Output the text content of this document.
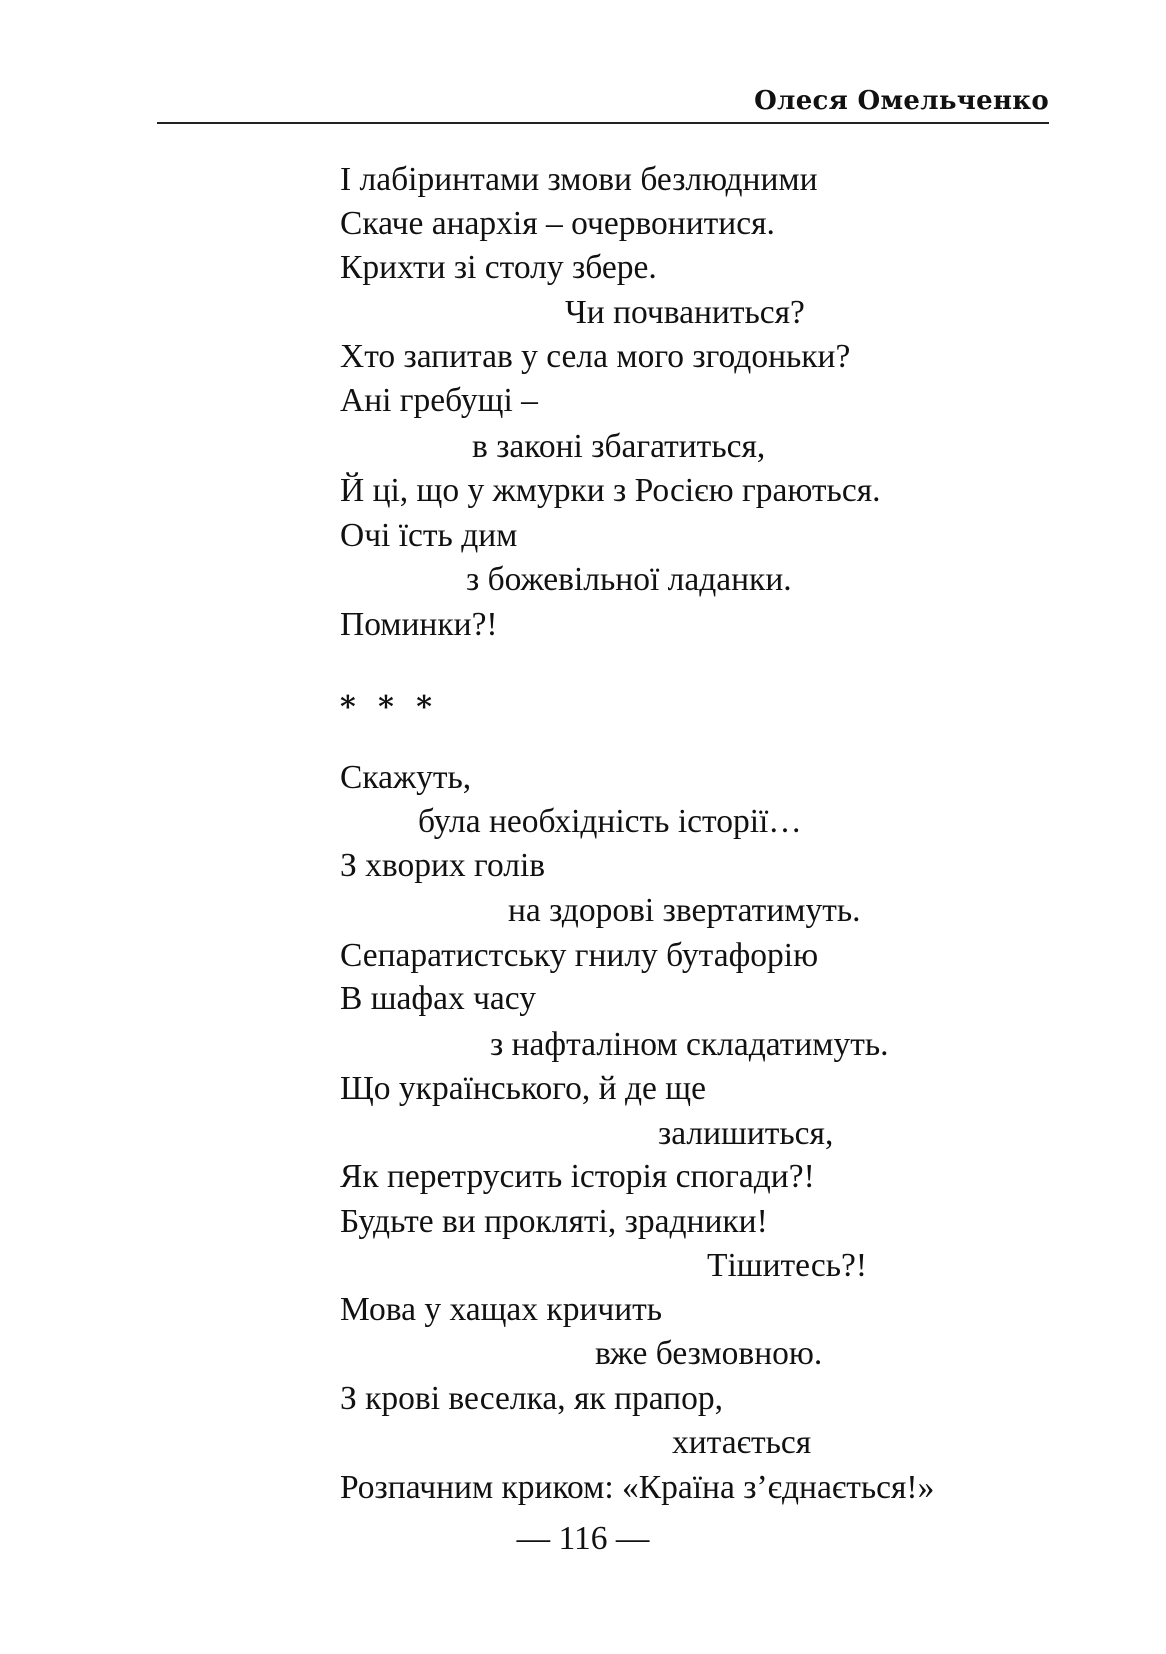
Олеся Омельченко
І лабіринтами змови безлюдними
Скаче анархія – очервонитися.
Крихти зі столу збере.
Чи почваниться?
Хто запитав у села мого згодоньки?
Ані гребущі –
в законі збагатиться,
Й ці, що у жмурки з Росією граються.
Очі їсть дим
з божевільної ладанки.
Поминки?!
* * *
Скажуть,
була необхідність історії…
З хворих голів
на здорові звертатимуть.
Сепаратистську гнилу бутафорію
В шафах часу
з нафталіном складатимуть.
Що українського, й де ще
залишиться,
Як перетрусить історія спогади?!
Будьте ви прокляті, зрадники!
Тішитесь?!
Мова у хащах кричить
вже безмовною.
З крові веселка, як прапор,
хитається
Розпачним криком: «Країна з’єднається!»
— 116 —
